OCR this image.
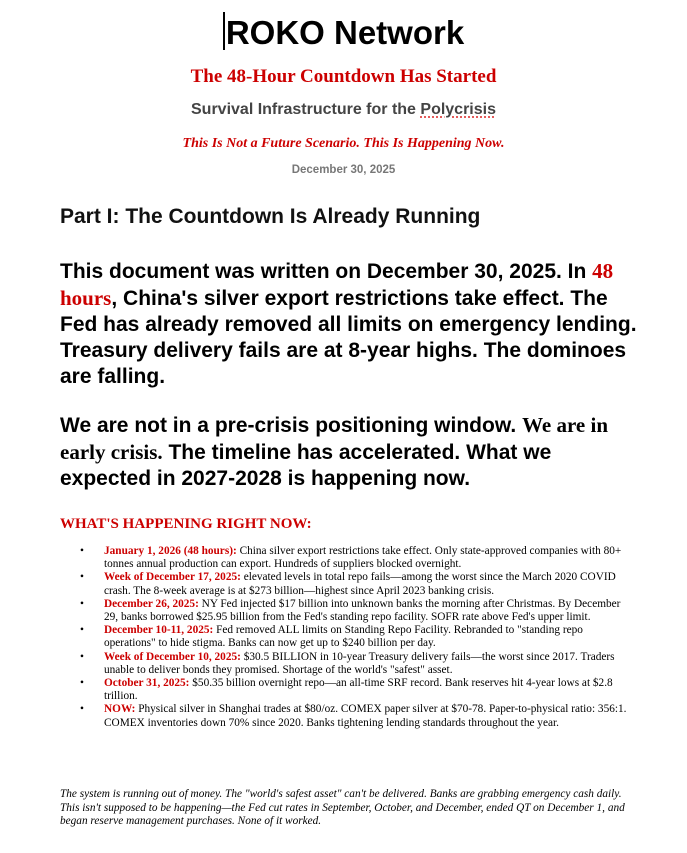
ROKO Network
The 48-Hour Countdown Has Started
Survival Infrastructure for the Polycrisis
This Is Not a Future Scenario. This Is Happening Now.
December 30, 2025
Part I: The Countdown Is Already Running

This document was written on December 30, 2025. In 48 hours, China's silver export restrictions take effect. The Fed has already removed all limits on emergency lending. Treasury delivery fails are at 8-year highs. The dominoes are falling.

We are not in a pre-crisis positioning window. We are in early crisis. The timeline has accelerated. What we expected in 2027-2028 is happening now.

WHAT'S HAPPENING RIGHT NOW:
• January 1, 2026 (48 hours): China silver export restrictions take effect. Only state-approved companies with 80+ tonnes annual production can export. Hundreds of suppliers blocked overnight.
• Week of December 17, 2025: elevated levels in total repo fails—among the worst since the March 2020 COVID crash. The 8-week average is at $273 billion—highest since April 2023 banking crisis.
• December 26, 2025: NY Fed injected $17 billion into unknown banks the morning after Christmas. By December 29, banks borrowed $25.95 billion from the Fed's standing repo facility. SOFR rate above Fed's upper limit.
• December 10-11, 2025: Fed removed ALL limits on Standing Repo Facility. Rebranded to "standing repo operations" to hide stigma. Banks can now get up to $240 billion per day.
• Week of December 10, 2025: $30.5 BILLION in 10-year Treasury delivery fails—the worst since 2017. Traders unable to deliver bonds they promised. Shortage of the world's "safest" asset.
• October 31, 2025: $50.35 billion overnight repo—an all-time SRF record. Bank reserves hit 4-year lows at $2.8 trillion.
• NOW: Physical silver in Shanghai trades at $80/oz. COMEX paper silver at $70-78. Paper-to-physical ratio: 356:1. COMEX inventories down 70% since 2020. Banks tightening lending standards throughout the year.

The system is running out of money. The "world's safest asset" can't be delivered. Banks are grabbing emergency cash daily. This isn't supposed to be happening—the Fed cut rates in September, October, and December, ended QT on December 1, and began reserve management purchases. None of it worked.
